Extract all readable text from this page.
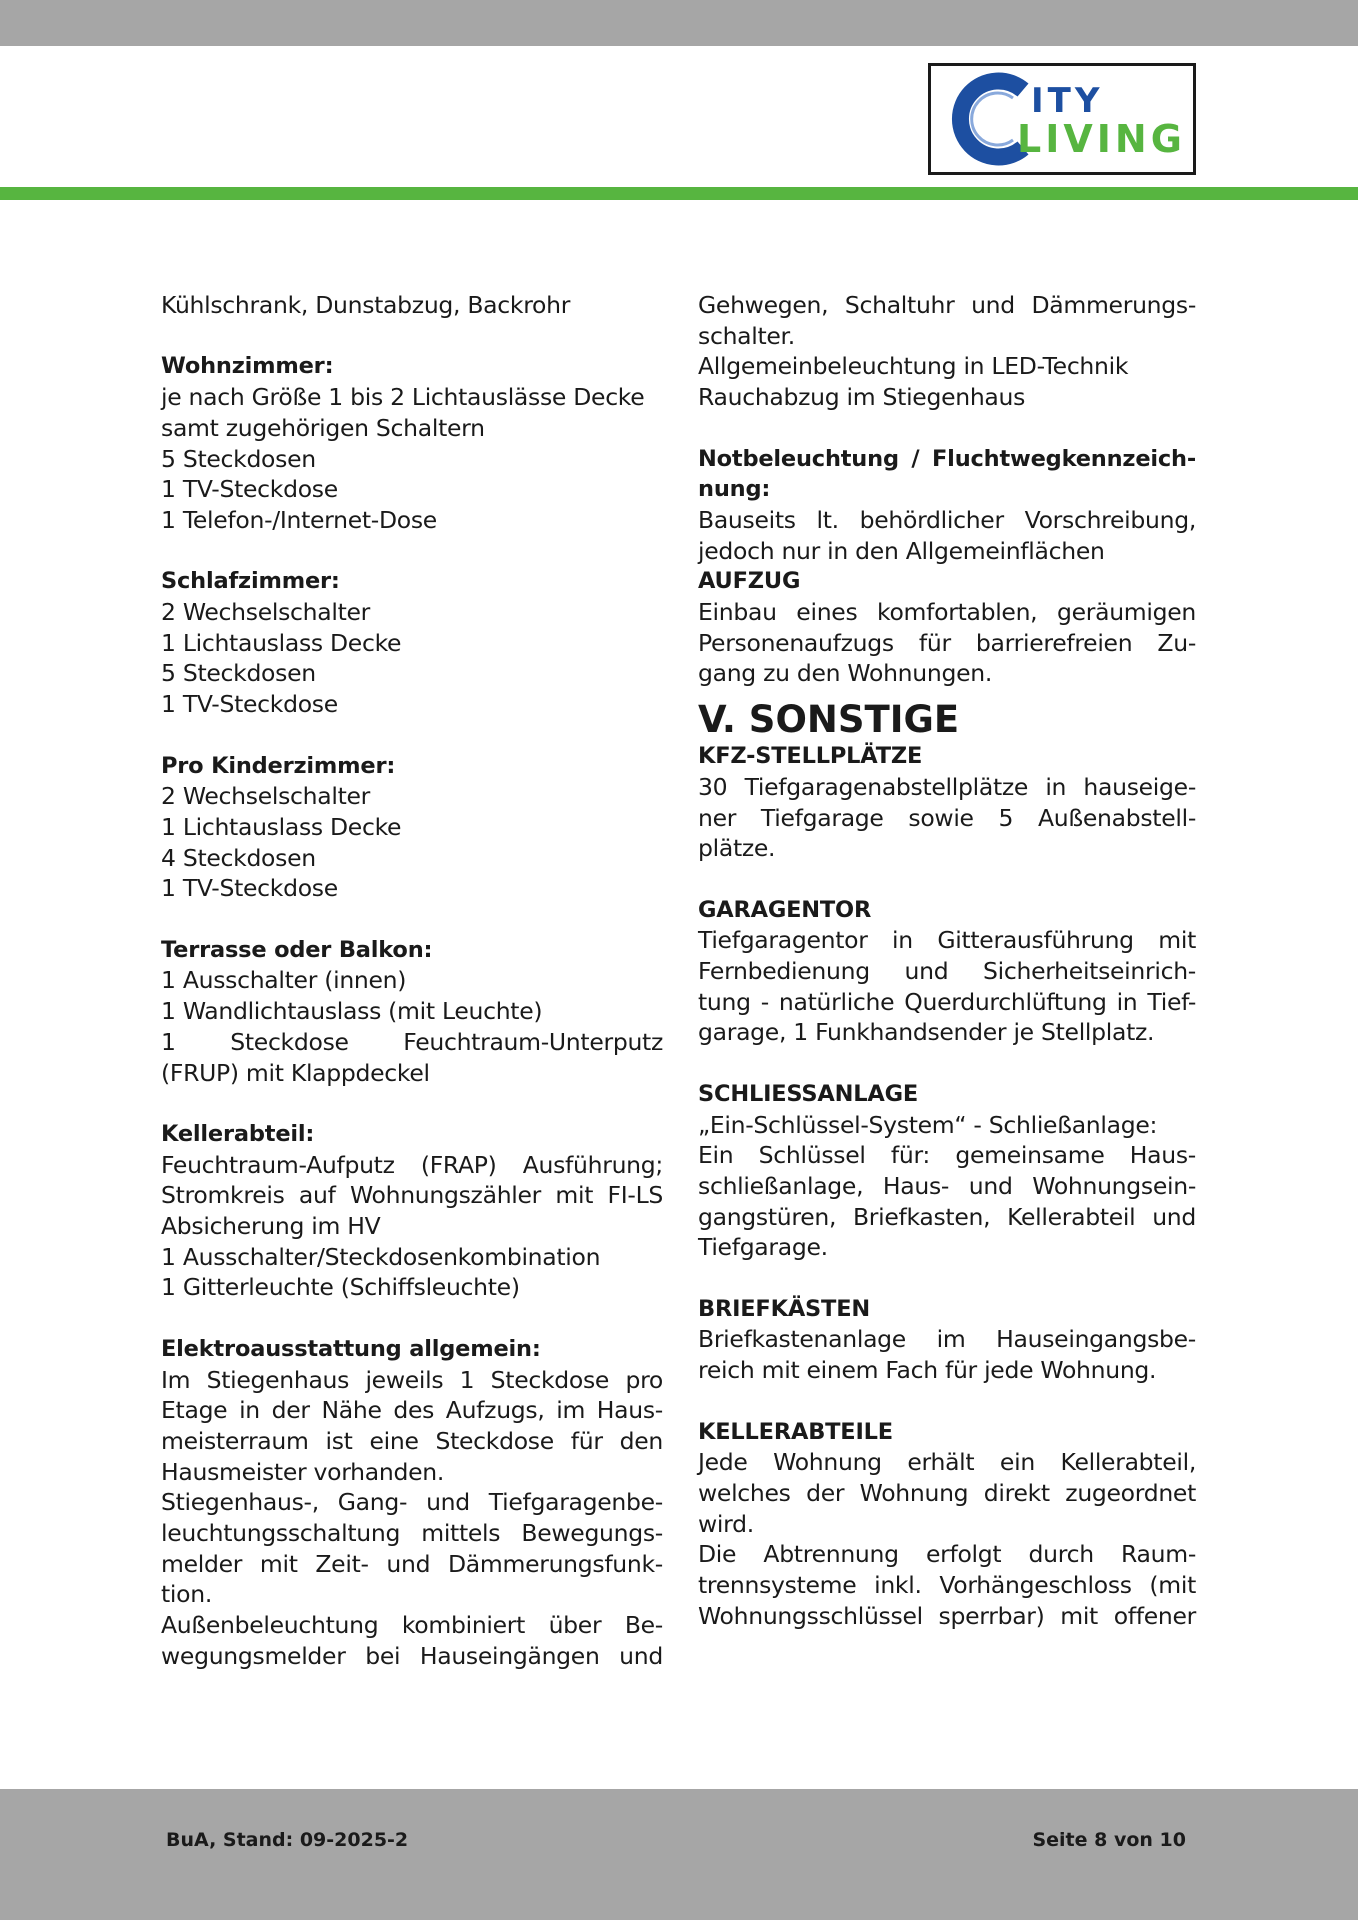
ITY
LIVING
Kühlschrank, Dunstabzug, Backrohr
Wohnzimmer:
je nach Größe 1 bis 2 Lichtauslässe Decke
samt zugehörigen Schaltern
5 Steckdosen
1 TV-Steckdose
1 Telefon-/Internet-Dose
Schlafzimmer:
2 Wechselschalter
1 Lichtauslass Decke
5 Steckdosen
1 TV-Steckdose
Pro Kinderzimmer:
2 Wechselschalter
1 Lichtauslass Decke
4 Steckdosen
1 TV-Steckdose
Terrasse oder Balkon:
1 Ausschalter (innen)
1 Wandlichtauslass (mit Leuchte)
1 Steckdose Feuchtraum-Unterputz
(FRUP) mit Klappdeckel
Kellerabteil:
Feuchtraum-Aufputz (FRAP) Ausführung;
Stromkreis auf Wohnungszähler mit FI-LS
Absicherung im HV
1 Ausschalter/Steckdosenkombination
1 Gitterleuchte (Schiffsleuchte)
Elektroausstattung allgemein:
Im Stiegenhaus jeweils 1 Steckdose pro
Etage in der Nähe des Aufzugs, im Haus-
meisterraum ist eine Steckdose für den
Hausmeister vorhanden.
Stiegenhaus-, Gang- und Tiefgaragenbe-
leuchtungsschaltung mittels Bewegungs-
melder mit Zeit- und Dämmerungsfunk-
tion.
Außenbeleuchtung kombiniert über Be-
wegungsmelder bei Hauseingängen und
Gehwegen, Schaltuhr und Dämmerungs-
schalter.
Allgemeinbeleuchtung in LED-Technik
Rauchabzug im Stiegenhaus
Notbeleuchtung / Fluchtwegkennzeich-
nung:
Bauseits lt. behördlicher Vorschreibung,
jedoch nur in den Allgemeinflächen
AUFZUG
Einbau eines komfortablen, geräumigen
Personenaufzugs für barrierefreien Zu-
gang zu den Wohnungen.
V. SONSTIGE
KFZ-STELLPLÄTZE
30 Tiefgaragenabstellplätze in hauseige-
ner Tiefgarage sowie 5 Außenabstell-
plätze.
GARAGENTOR
Tiefgaragentor in Gitterausführung mit
Fernbedienung und Sicherheitseinrich-
tung - natürliche Querdurchlüftung in Tief-
garage, 1 Funkhandsender je Stellplatz.
SCHLIESSANLAGE
„Ein-Schlüssel-System“ - Schließanlage:
Ein Schlüssel für: gemeinsame Haus-
schließanlage, Haus- und Wohnungsein-
gangstüren, Briefkasten, Kellerabteil und
Tiefgarage.
BRIEFKÄSTEN
Briefkastenanlage im Hauseingangsbe-
reich mit einem Fach für jede Wohnung.
KELLERABTEILE
Jede Wohnung erhält ein Kellerabteil,
welches der Wohnung direkt zugeordnet
wird.
Die Abtrennung erfolgt durch Raum-
trennsysteme inkl. Vorhängeschloss (mit
Wohnungsschlüssel sperrbar) mit offener
BuA, Stand: 09-2025-2	Seite 8 von 10
